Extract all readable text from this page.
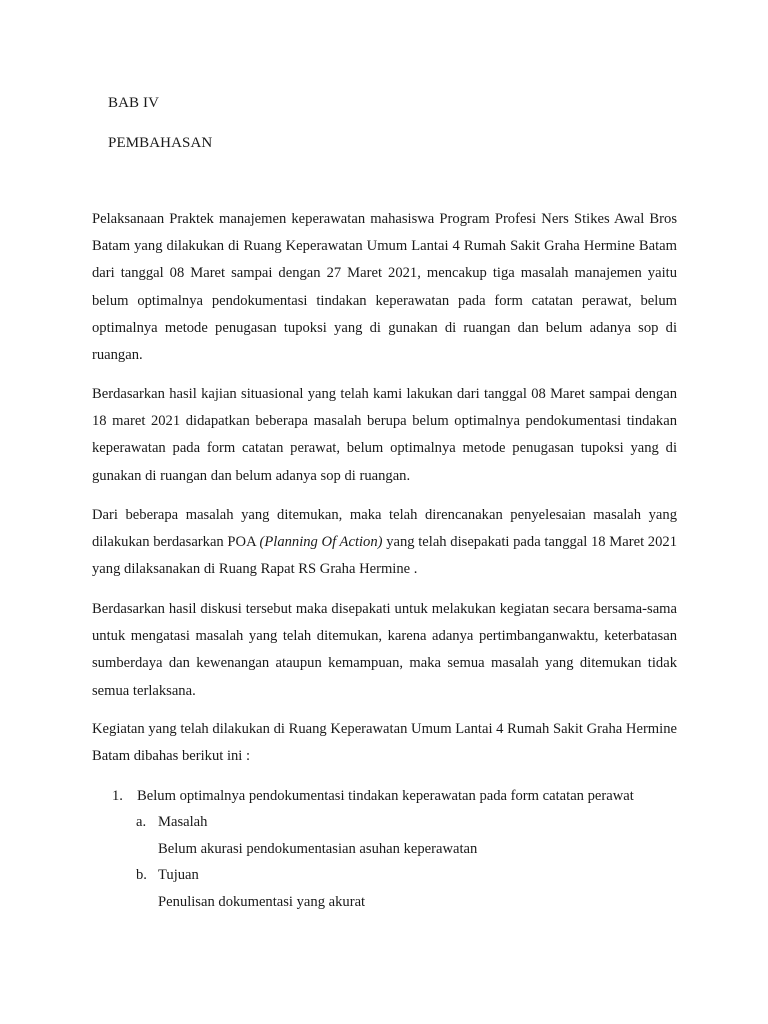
BAB IV
PEMBAHASAN

Pelaksanaan Praktek manajemen keperawatan mahasiswa Program Profesi Ners Stikes Awal Bros Batam yang dilakukan di Ruang Keperawatan Umum Lantai 4 Rumah Sakit Graha Hermine Batam dari tanggal 08 Maret sampai dengan 27 Maret 2021, mencakup tiga masalah manajemen yaitu belum optimalnya pendokumentasi tindakan keperawatan pada form catatan perawat, belum optimalnya metode penugasan tupoksi yang di gunakan di ruangan dan belum adanya sop di ruangan.

Berdasarkan hasil kajian situasional yang telah kami lakukan dari tanggal 08 Maret sampai dengan 18 maret 2021 didapatkan beberapa masalah berupa belum optimalnya pendokumentasi tindakan keperawatan pada form catatan perawat, belum optimalnya metode penugasan tupoksi yang di gunakan di ruangan dan belum adanya sop di ruangan.

Dari beberapa masalah yang ditemukan, maka telah direncanakan penyelesaian masalah yang dilakukan berdasarkan POA (Planning Of Action) yang telah disepakati pada tanggal 18 Maret 2021 yang dilaksanakan di Ruang Rapat RS Graha Hermine .

Berdasarkan hasil diskusi tersebut maka disepakati untuk melakukan kegiatan secara bersama-sama untuk mengatasi masalah yang telah ditemukan, karena adanya pertimbanganwaktu, keterbatasan sumberdaya dan kewenangan ataupun kemampuan, maka semua masalah yang ditemukan tidak semua terlaksana.

Kegiatan yang telah dilakukan di Ruang Keperawatan Umum Lantai 4 Rumah Sakit Graha Hermine Batam dibahas berikut ini :

1. Belum optimalnya pendokumentasi tindakan keperawatan pada form catatan perawat
a. Masalah
Belum akurasi pendokumentasian asuhan keperawatan
b. Tujuan
Penulisan dokumentasi yang akurat
